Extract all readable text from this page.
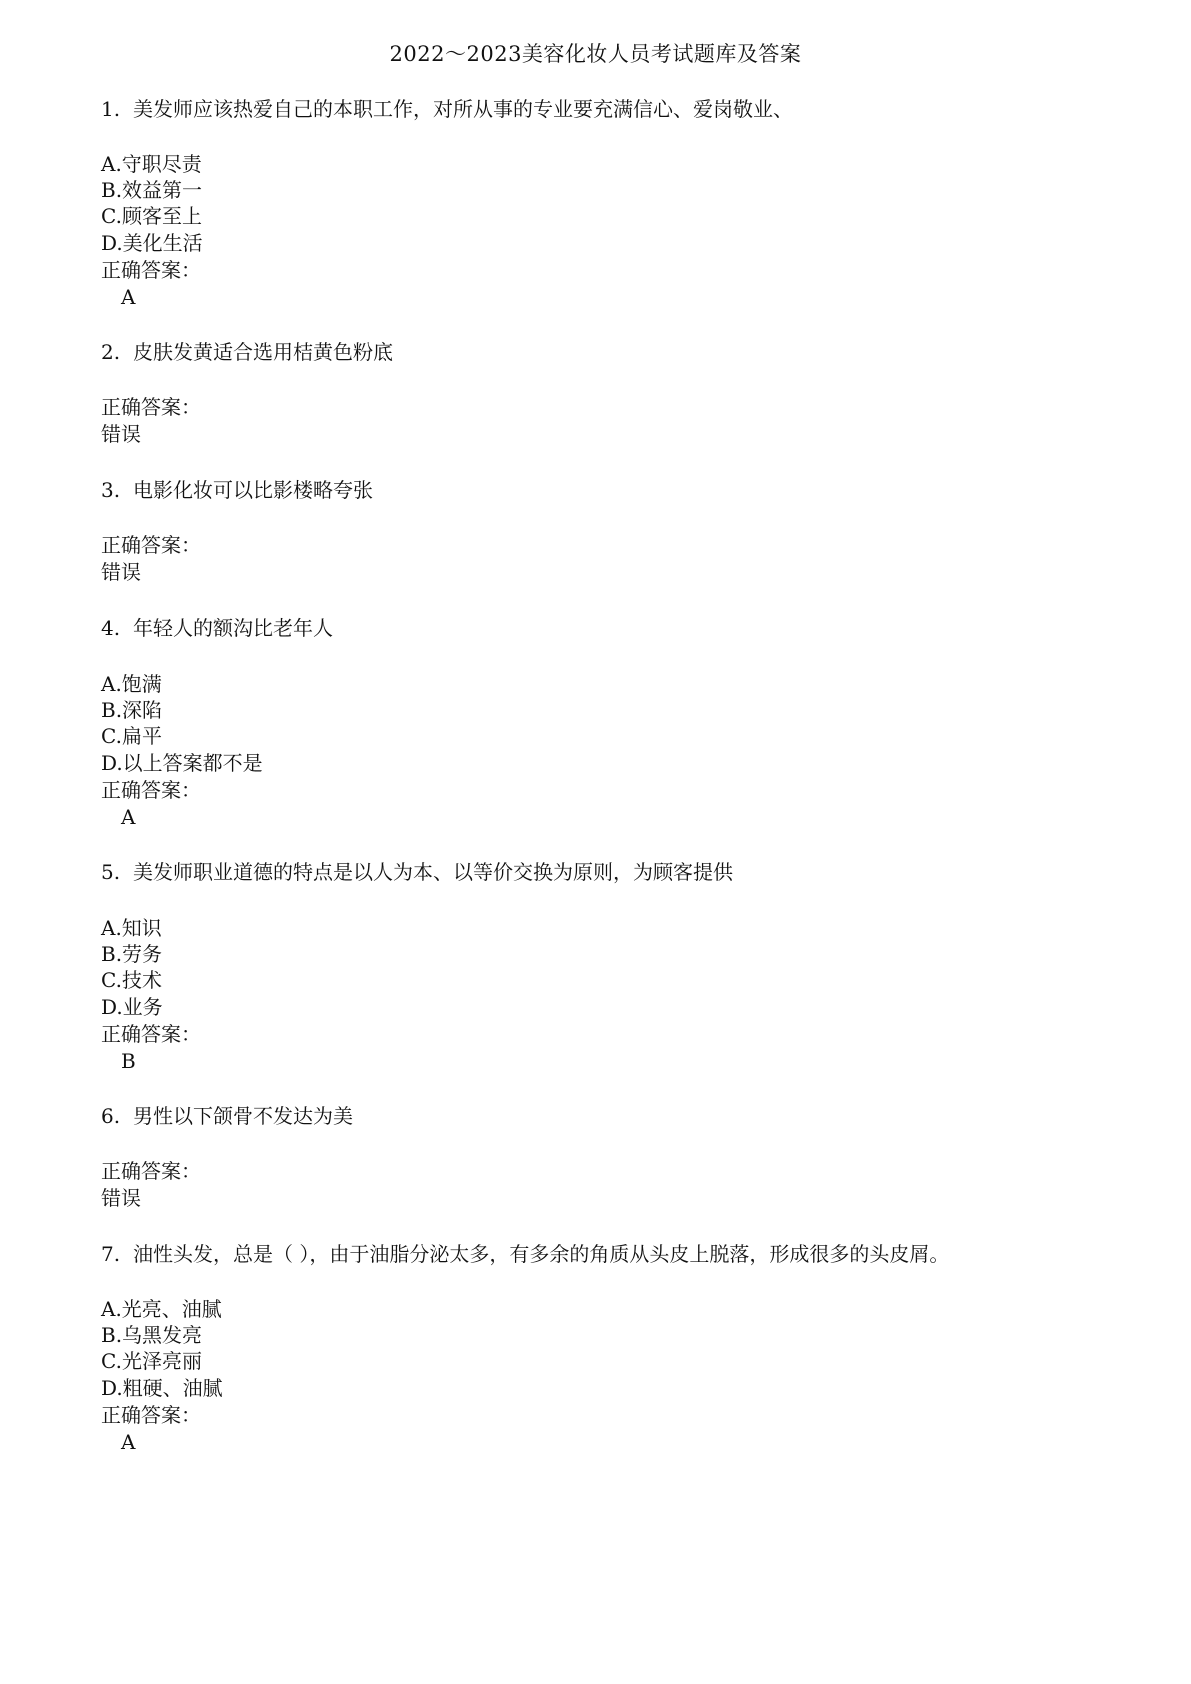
2022～2023美容化妆人员考试题库及答案
1. 美发师应该热爱自己的本职工作，对所从事的专业要充满信心、爱岗敬业、
A.守职尽责
B.效益第一
C.顾客至上
D.美化生活
正确答案：
A
2. 皮肤发黄适合选用桔黄色粉底
正确答案：
错误
3. 电影化妆可以比影楼略夸张
正确答案：
错误
4. 年轻人的额沟比老年人
A.饱满
B.深陷
C.扁平
D.以上答案都不是
正确答案：
A
5. 美发师职业道德的特点是以人为本、以等价交换为原则，为顾客提供
A.知识
B.劳务
C.技术
D.业务
正确答案：
B
6. 男性以下颌骨不发达为美
正确答案：
错误
7. 油性头发，总是（ ），由于油脂分泌太多，有多余的角质从头皮上脱落，形成很多的头皮屑。
A.光亮、油腻
B.乌黑发亮
C.光泽亮丽
D.粗硬、油腻
正确答案：
A
